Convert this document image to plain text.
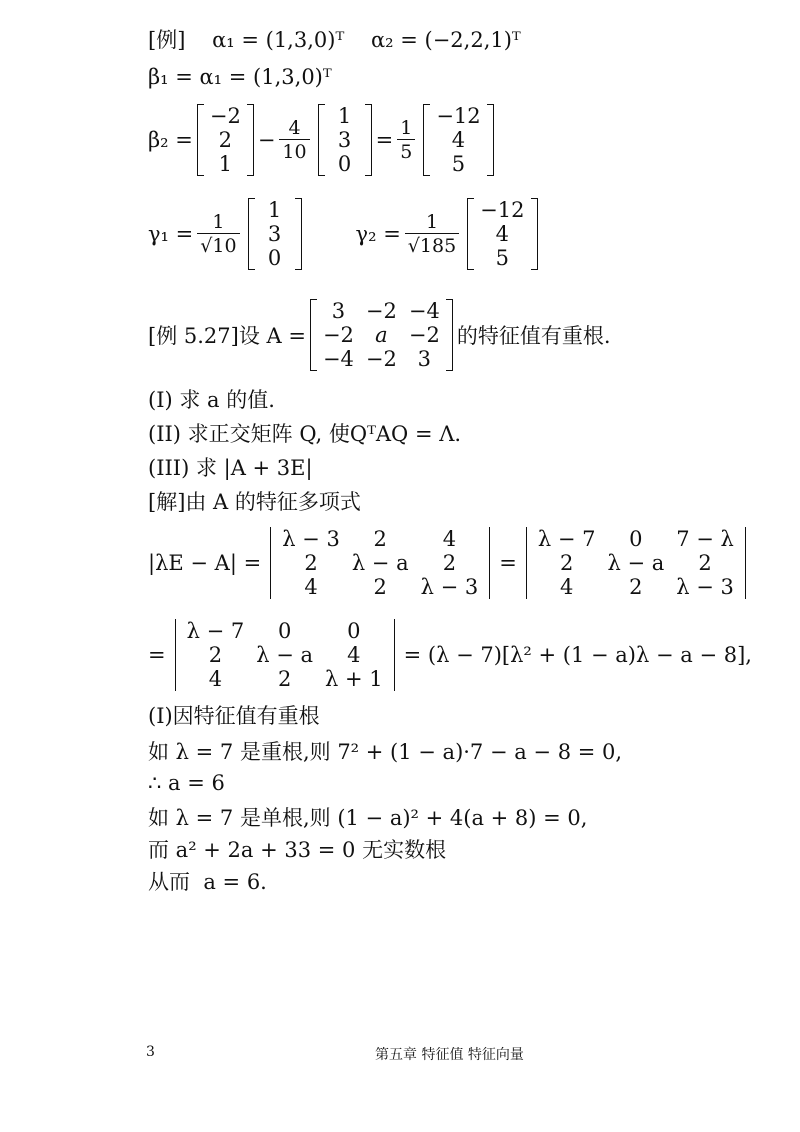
[例]    α₁ = (1,3,0)ᵀ    α₂ = (−2,2,1)ᵀ
β₁ = α₁ = (1,3,0)ᵀ
β₂ =
−2
2
1
− $\frac{4}{10}$
1
3
0
= $\frac{1}{5}$
−12
4
5
$\gamma_1 = \frac{1}{√10}$
1
3
0
$\gamma_2 = \frac{1}{√185}$
−12
4
5
[例 5.27]设 A =
3
−2
−4
−2
a
−2
−4
−2
3
的特征值有重根.
(I) 求 a 的值.
(II) 求正交矩阵 Q, 使QᵀAQ = Λ.
(III) 求 |A + 3E|
[解]由 A 的特征多项式
|λE − A| =
λ − 3
2
4
2
λ − a
2
4
2
λ − 3
=
λ − 7
2
4
0
λ − a
2
7 − λ
2
λ − 3
=
λ − 7
2
4
0
λ − a
2
0
4
λ + 1
= (λ − 7)[λ² + (1 − a)λ − a − 8],
(I)因特征值有重根
如 λ = 7 是重根,则 7² + (1 − a)·7 − a − 8 = 0,
∴ a = 6
如 λ = 7 是单根,则 (1 − a)² + 4(a + 8) = 0,
而 a² + 2a + 33 = 0 无实数根
从而  a = 6.
3	第五章 特征值 特征向量
